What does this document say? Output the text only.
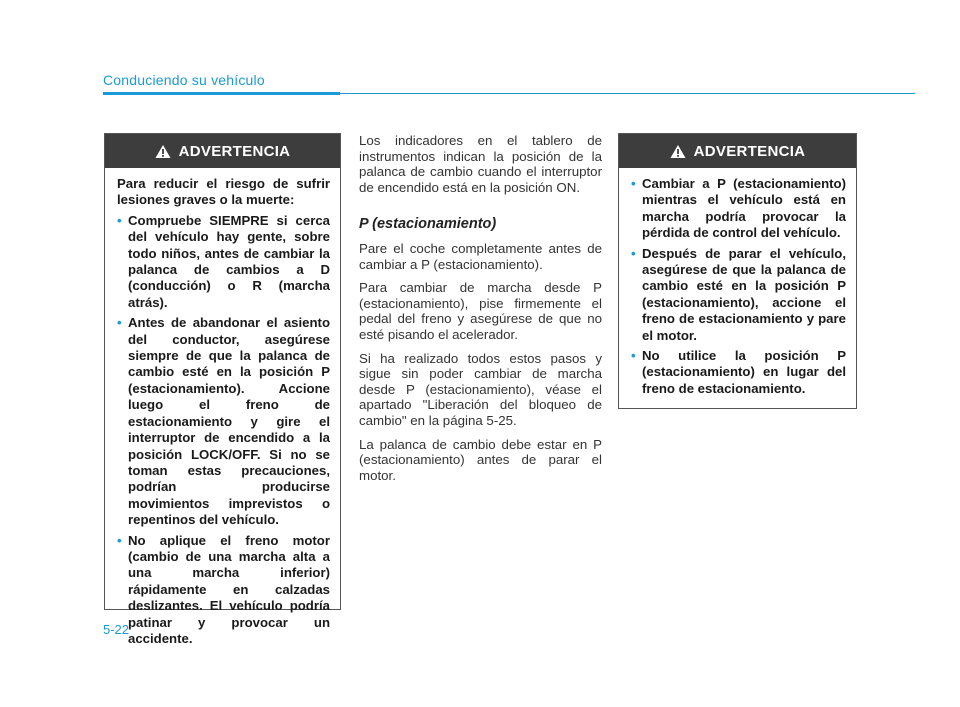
Conduciendo su vehículo
ADVERTENCIA

Para reducir el riesgo de sufrir lesiones graves o la muerte:

• Compruebe SIEMPRE si cerca del vehículo hay gente, sobre todo niños, antes de cambiar la palanca de cambios a D (conducción) o R (marcha atrás).
• Antes de abandonar el asiento del conductor, asegúrese siempre de que la palanca de cambio esté en la posición P (estacionamiento). Accione luego el freno de estacionamiento y gire el interruptor de encendido a la posición LOCK/OFF. Si no se toman estas precauciones, podrían producirse movimientos imprevistos o repentinos del vehículo.
• No aplique el freno motor (cambio de una marcha alta a una marcha inferior) rápidamente en calzadas deslizantes. El vehículo podría patinar y provocar un accidente.

Los indicadores en el tablero de instrumentos indican la posición de la palanca de cambio cuando el interruptor de encendido está en la posición ON.

P (estacionamiento)

Pare el coche completamente antes de cambiar a P (estacionamiento).

Para cambiar de marcha desde P (estacionamiento), pise firmemente el pedal del freno y asegúrese de que no esté pisando el acelerador.

Si ha realizado todos estos pasos y sigue sin poder cambiar de marcha desde P (estacionamiento), véase el apartado "Liberación del bloqueo de cambio" en la página 5-25.

La palanca de cambio debe estar en P (estacionamiento) antes de parar el motor.

ADVERTENCIA
• Cambiar a P (estacionamiento) mientras el vehículo está en marcha podría provocar la pérdida de control del vehículo.
• Después de parar el vehículo, asegúrese de que la palanca de cambio esté en la posición P (estacionamiento), accione el freno de estacionamiento y pare el motor.
• No utilice la posición P (estacionamiento) en lugar del freno de estacionamiento.
5-22
